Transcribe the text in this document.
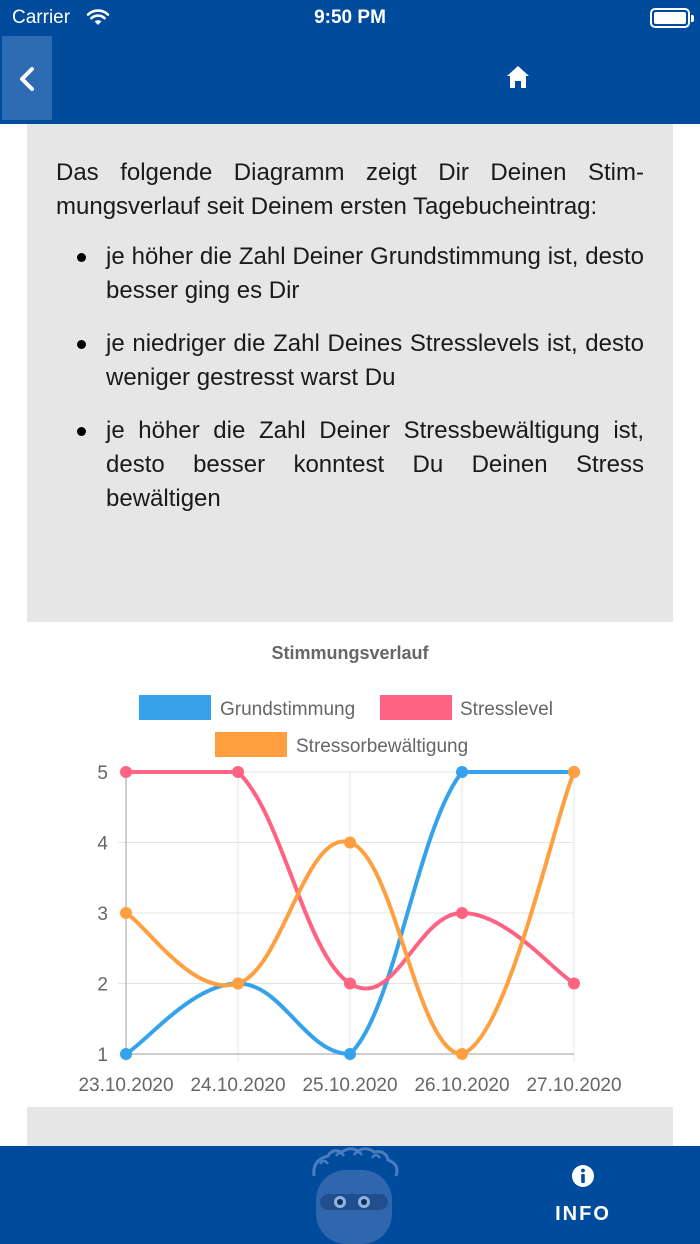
Carrier	9:50 PM

Das folgende Diagramm zeigt Dir Deinen Stimmungsverlauf seit Deinem ersten Tagebucheintrag:

je höher die Zahl Deiner Grundstimmung ist, desto besser ging es Dir
je niedriger die Zahl Deines Stresslevels ist, desto weniger gestresst warst Du
je höher die Zahl Deiner Stressbewältigung ist, desto besser konntest Du Deinen Stress bewältigen
Stimmungsverlauf
Grundstimmung	Stresslevel
Stressorbewältigung
1
2
3
4
5
23.10.2020 24.10.2020 25.10.2020 26.10.2020 27.10.2020
INFO
